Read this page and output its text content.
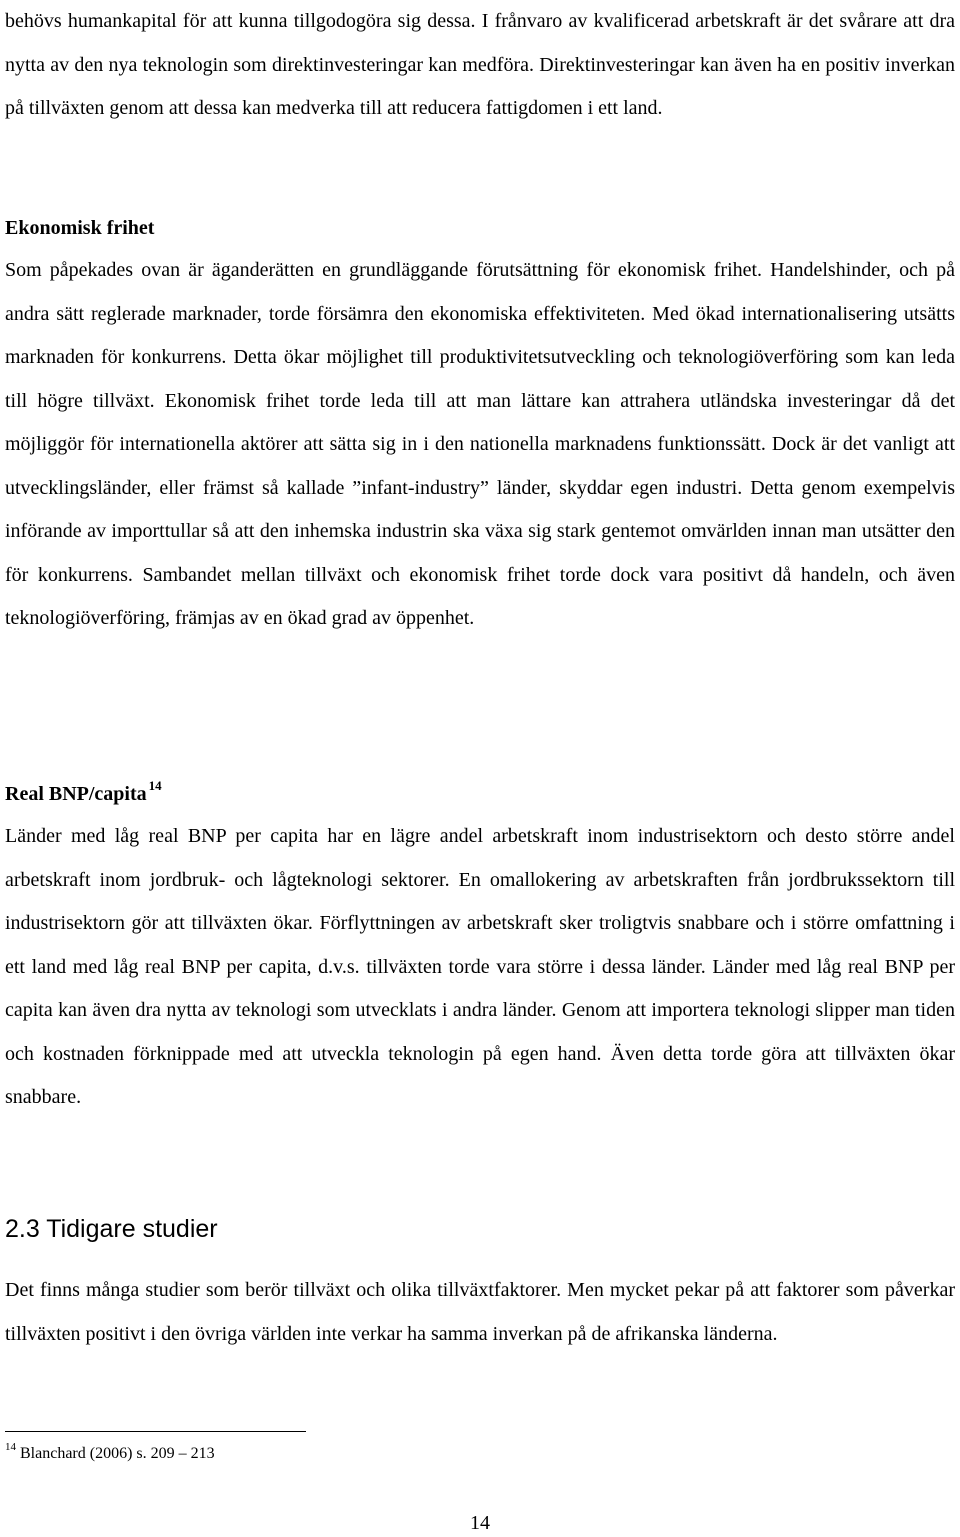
behövs humankapital för att kunna tillgodogöra sig dessa. I frånvaro av kvalificerad arbetskraft är det svårare att dra nytta av den nya teknologin som direktinvesteringar kan medföra. Direktinvesteringar kan även ha en positiv inverkan på tillväxten genom att dessa kan medverka till att reducera fattigdomen i ett land.

Ekonomisk frihet

Som påpekades ovan är äganderätten en grundläggande förutsättning för ekonomisk frihet. Handelshinder, och på andra sätt reglerade marknader, torde försämra den ekonomiska effektiviteten. Med ökad internationalisering utsätts marknaden för konkurrens. Detta ökar möjlighet till produktivitetsutveckling och teknologiöverföring som kan leda till högre tillväxt. Ekonomisk frihet torde leda till att man lättare kan attrahera utländska investeringar då det möjliggör för internationella aktörer att sätta sig in i den nationella marknadens funktionssätt. Dock är det vanligt att utvecklingsländer, eller främst så kallade ”infant-industry” länder, skyddar egen industri. Detta genom exempelvis införande av importtullar så att den inhemska industrin ska växa sig stark gentemot omvärlden innan man utsätter den för konkurrens. Sambandet mellan tillväxt och ekonomisk frihet torde dock vara positivt då handeln, och även teknologiöverföring, främjas av en ökad grad av öppenhet.

Real BNP/capita $^{14}$

Länder med låg real BNP per capita har en lägre andel arbetskraft inom industrisektorn och desto större andel arbetskraft inom jordbruk- och lågteknologi sektorer. En omallokering av arbetskraften från jordbrukssektorn till industrisektorn gör att tillväxten ökar. Förflyttningen av arbetskraft sker troligtvis snabbare och i större omfattning i ett land med låg real BNP per capita, d.v.s. tillväxten torde vara större i dessa länder. Länder med låg real BNP per capita kan även dra nytta av teknologi som utvecklats i andra länder. Genom att importera teknologi slipper man tiden och kostnaden förknippade med att utveckla teknologin på egen hand. Även detta torde göra att tillväxten ökar snabbare.

2.3 Tidigare studier

Det finns många studier som berör tillväxt och olika tillväxtfaktorer. Men mycket pekar på att faktorer som påverkar tillväxten positivt i den övriga världen inte verkar ha samma inverkan på de afrikanska länderna.

$^{14}$ Blanchard (2006) s. 209 – 213
14
